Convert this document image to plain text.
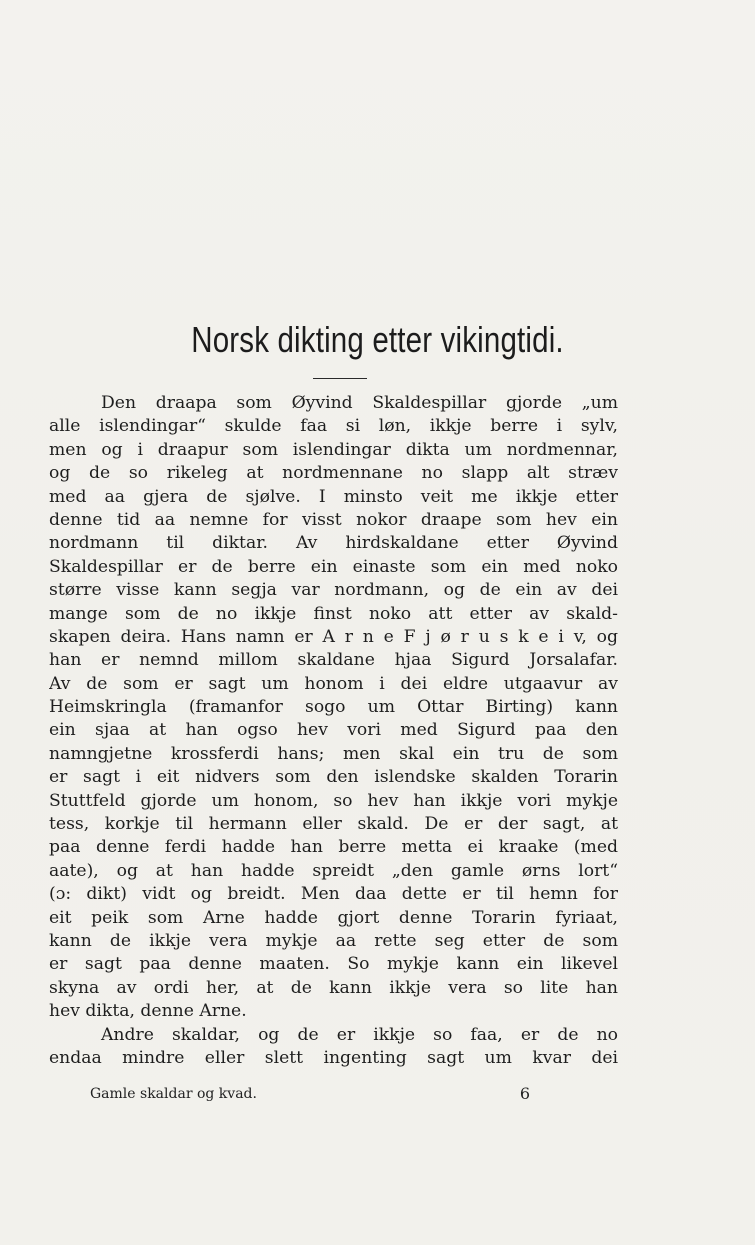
Norsk dikting etter vikingtidi.
Den draapa som Øyvind Skaldespillar gjorde „um
alle islendingar“ skulde faa si løn, ikkje berre i sylv,
men og i draapur som islendingar dikta um nordmennar,
og de so rikeleg at nordmennane no slapp alt stræv
med aa gjera de sjølve. I minsto veit me ikkje etter
denne tid aa nemne for visst nokor draape som hev ein
nordmann til diktar. Av hirdskaldane etter Øyvind
Skaldespillar er de berre ein einaste som ein med noko
større visse kann segja var nordmann, og de ein av dei
mange som de no ikkje finst noko att etter av skald-
skapen deira. Hans namn er A r n e F j ø r u s k e i v, og
han er nemnd millom skaldane hjaa Sigurd Jorsalafar.
Av de som er sagt um honom i dei eldre utgaavur av
Heimskringla (framanfor sogo um Ottar Birting) kann
ein sjaa at han ogso hev vori med Sigurd paa den
namngjetne krossferdi hans; men skal ein tru de som
er sagt i eit nidvers som den islendske skalden Torarin
Stuttfeld gjorde um honom, so hev han ikkje vori mykje
tess, korkje til hermann eller skald. De er der sagt, at
paa denne ferdi hadde han berre metta ei kraake (med
aate), og at han hadde spreidt „den gamle ørns lort“
(ɔ: dikt) vidt og breidt. Men daa dette er til hemn for
eit peik som Arne hadde gjort denne Torarin fyriaat,
kann de ikkje vera mykje aa rette seg etter de som
er sagt paa denne maaten. So mykje kann ein likevel
skyna av ordi her, at de kann ikkje vera so lite han
hev dikta, denne Arne.
Andre skaldar, og de er ikkje so faa, er de no
endaa mindre eller slett ingenting sagt um kvar dei
Gamle skaldar og kvad.	6
